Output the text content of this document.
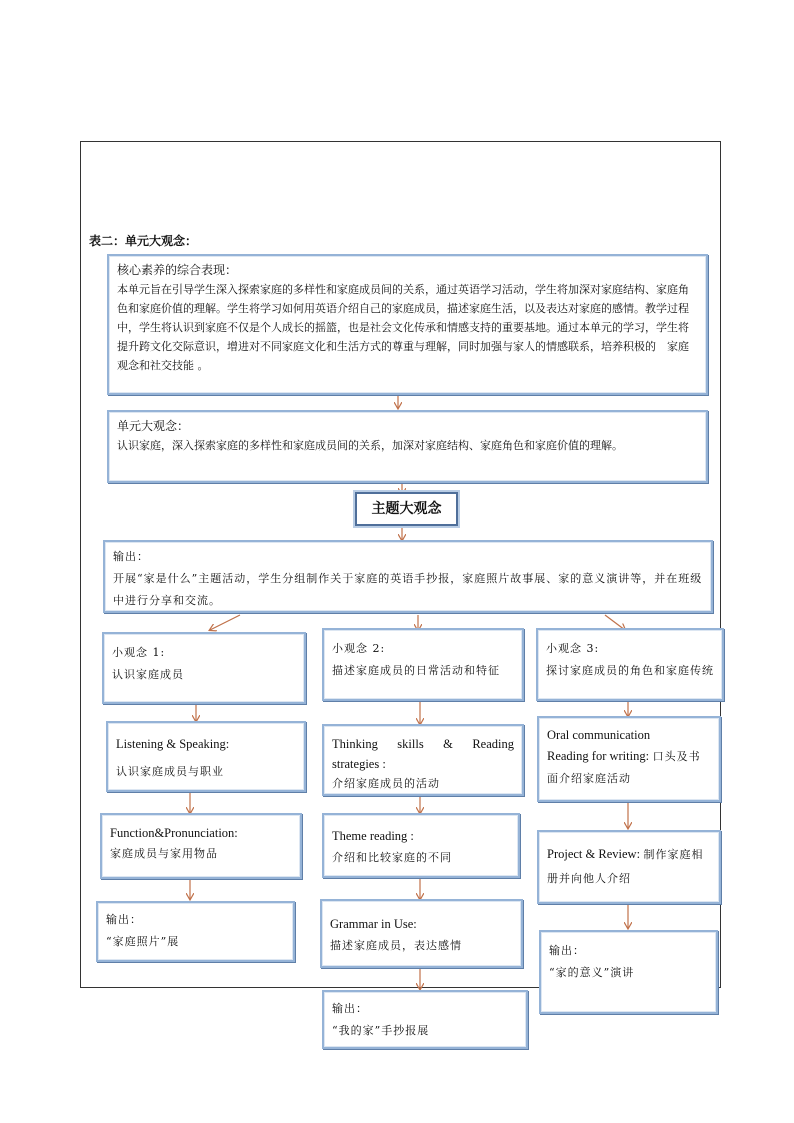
表二：单元大观念：
核心素养的综合表现：
本单元旨在引导学生深入探索家庭的多样性和家庭成员间的关系，通过英语学习活动，学生将加深对家庭结构、家庭角色和家庭价值的理解。学生将学习如何用英语介绍自己的家庭成员，描述家庭生活，以及表达对家庭的感情。教学过程中，学生将认识到家庭不仅是个人成长的摇篮，也是社会文化传承和情感支持的重要基地。通过本单元的学习，学生将提升跨文化交际意识，增进对不同家庭文化和生活方式的尊重与理解，同时加强与家人的情感联系，培养积极的　家庭观念和社交技能 。
单元大观念：
认识家庭，深入探索家庭的多样性和家庭成员间的关系，加深对家庭结构、家庭角色和家庭价值的理解。
主题大观念
输出：
开展“家是什么”主题活动，学生分组制作关于家庭的英语手抄报，家庭照片故事展、家的意义演讲等，并在班级中进行分享和交流。
小观念 1:
认识家庭成员
Listening & Speaking:
认识家庭成员与职业
Function&Pronunciation:
家庭成员与家用物品
输出：
“家庭照片”展
小观念 2:
描述家庭成员的日常活动和特征
Thinking skills & Reading strategies :
介绍家庭成员的活动
Theme reading :
介绍和比较家庭的不同
Grammar in Use:
描述家庭成员，表达感情
输出：
“我的家”手抄报展
小观念 3:
探讨家庭成员的角色和家庭传统
Oral communication
Reading for writing: 口头及书面介绍家庭活动
Project & Review: 制作家庭相册并向他人介绍
输出：
“家的意义”演讲
